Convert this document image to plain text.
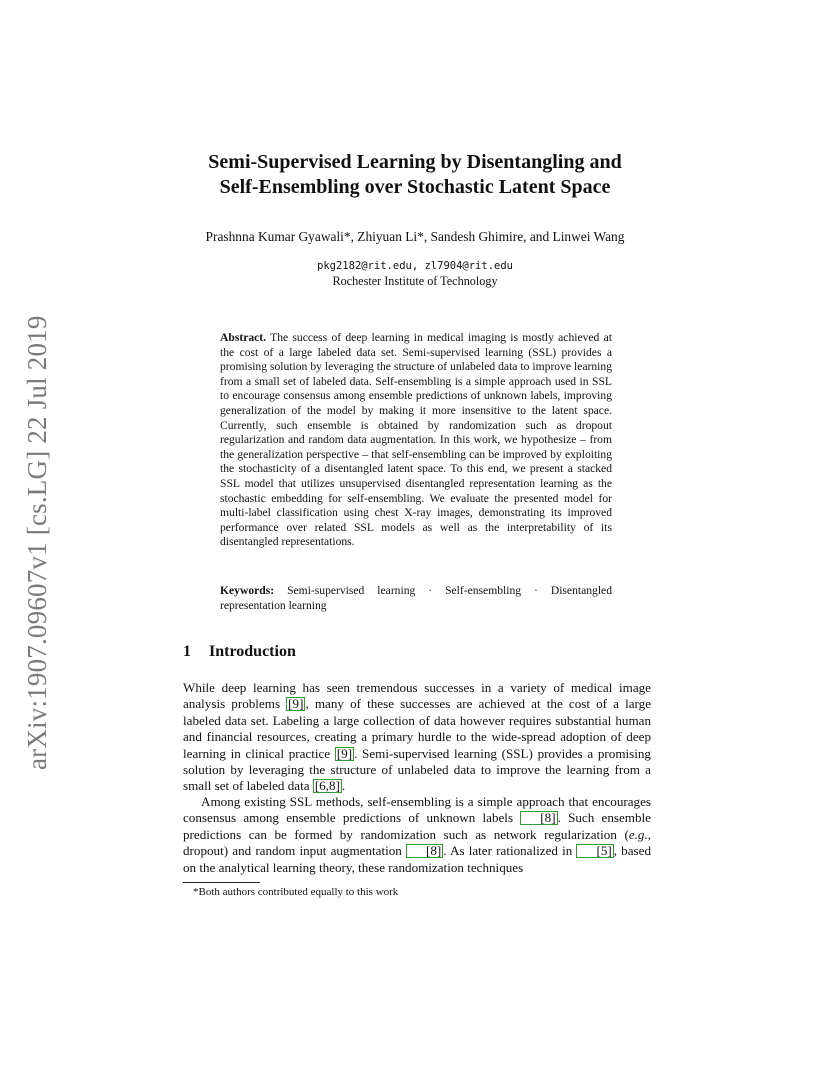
arXiv:1907.09607v1 [cs.LG] 22 Jul 2019
Semi-Supervised Learning by Disentangling and
Self-Ensembling over Stochastic Latent Space
Prashnna Kumar Gyawali*, Zhiyuan Li*, Sandesh Ghimire, and Linwei Wang
pkg2182@rit.edu, zl7904@rit.edu
Rochester Institute of Technology

Abstract. The success of deep learning in medical imaging is mostly achieved at the cost of a large labeled data set. Semi-supervised learning (SSL) provides a promising solution by leveraging the structure of unlabeled data to improve learning from a small set of labeled data. Self-ensembling is a simple approach used in SSL to encourage consensus among ensemble predictions of unknown labels, improving generalization of the model by making it more insensitive to the latent space. Currently, such ensemble is obtained by randomization such as dropout regularization and random data augmentation. In this work, we hypothesize – from the generalization perspective – that self-ensembling can be improved by exploiting the stochasticity of a disentangled latent space. To this end, we present a stacked SSL model that utilizes unsupervised disentangled representation learning as the stochastic embedding for self-ensembling. We evaluate the presented model for multi-label classification using chest X-ray images, demonstrating its improved performance over related SSL models as well as the interpretability of its disentangled representations.

Keywords: Semi-supervised learning · Self-ensembling · Disentangled representation learning

1 Introduction

While deep learning has seen tremendous successes in a variety of medical image analysis problems [9] , many of these successes are achieved at the cost of a large labeled data set. Labeling a large collection of data however requires substantial human and financial resources, creating a primary hurdle to the wide-spread adoption of deep learning in clinical practice [9] . Semi-supervised learning (SSL) provides a promising solution by leveraging the structure of unlabeled data to improve the learning from a small set of labeled data [6,8] .

Among existing SSL methods, self-ensembling is a simple approach that encourages consensus among ensemble predictions of unknown labels [8] . Such ensemble predictions can be formed by randomization such as network regularization (e.g., dropout) and random input augmentation [8] . As later rationalized in [5] , based on the analytical learning theory, these randomization techniques

*Both authors contributed equally to this work
